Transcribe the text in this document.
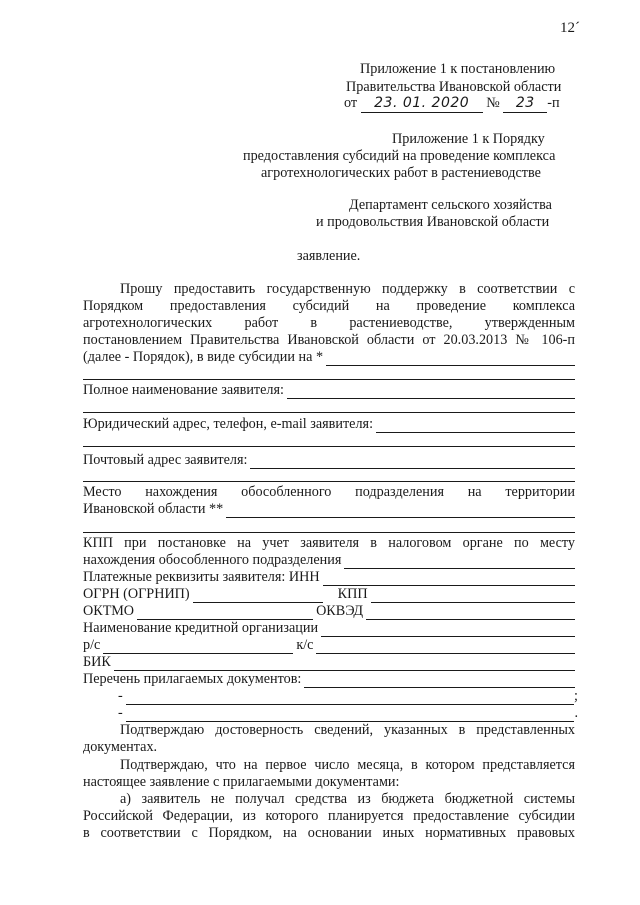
12´
Приложение 1 к постановлению
Правительства Ивановской области
от 23. 01. 2020 № 23 -п
Приложение 1 к Порядку
предоставления субсидий на проведение комплекса
агротехнологических работ в растениеводстве
Департамент сельского хозяйства
и продовольствия Ивановской области
заявление.
Прошу предоставить государственную поддержку в соответствии с
Порядком предоставления субсидий на проведение комплекса
агротехнологических работ в растениеводстве, утвержденным
постановлением Правительства Ивановской области от 20.03.2013 № 106-п
(далее - Порядок), в виде субсидии на *
Полное наименование заявителя:
Юридический адрес, телефон, e-mail заявителя:
Почтовый адрес заявителя:
Место нахождения обособленного подразделения на территории
Ивановской области **
КПП при постановке на учет заявителя в налоговом органе по месту
нахождения обособленного подразделения
Платежные реквизиты заявителя: ИНН
ОГРН (ОГРНИП)	КПП
ОКТМО	ОКВЭД
Наименование кредитной организации
р/с	к/с
БИК
Перечень прилагаемых документов:
-	;
-	.
Подтверждаю достоверность сведений, указанных в представленных
документах.
Подтверждаю, что на первое число месяца, в котором представляется
настоящее заявление с прилагаемыми документами:
а) заявитель не получал средства из бюджета бюджетной системы
Российской Федерации, из которого планируется предоставление субсидии
в соответствии с Порядком, на основании иных нормативных правовых
